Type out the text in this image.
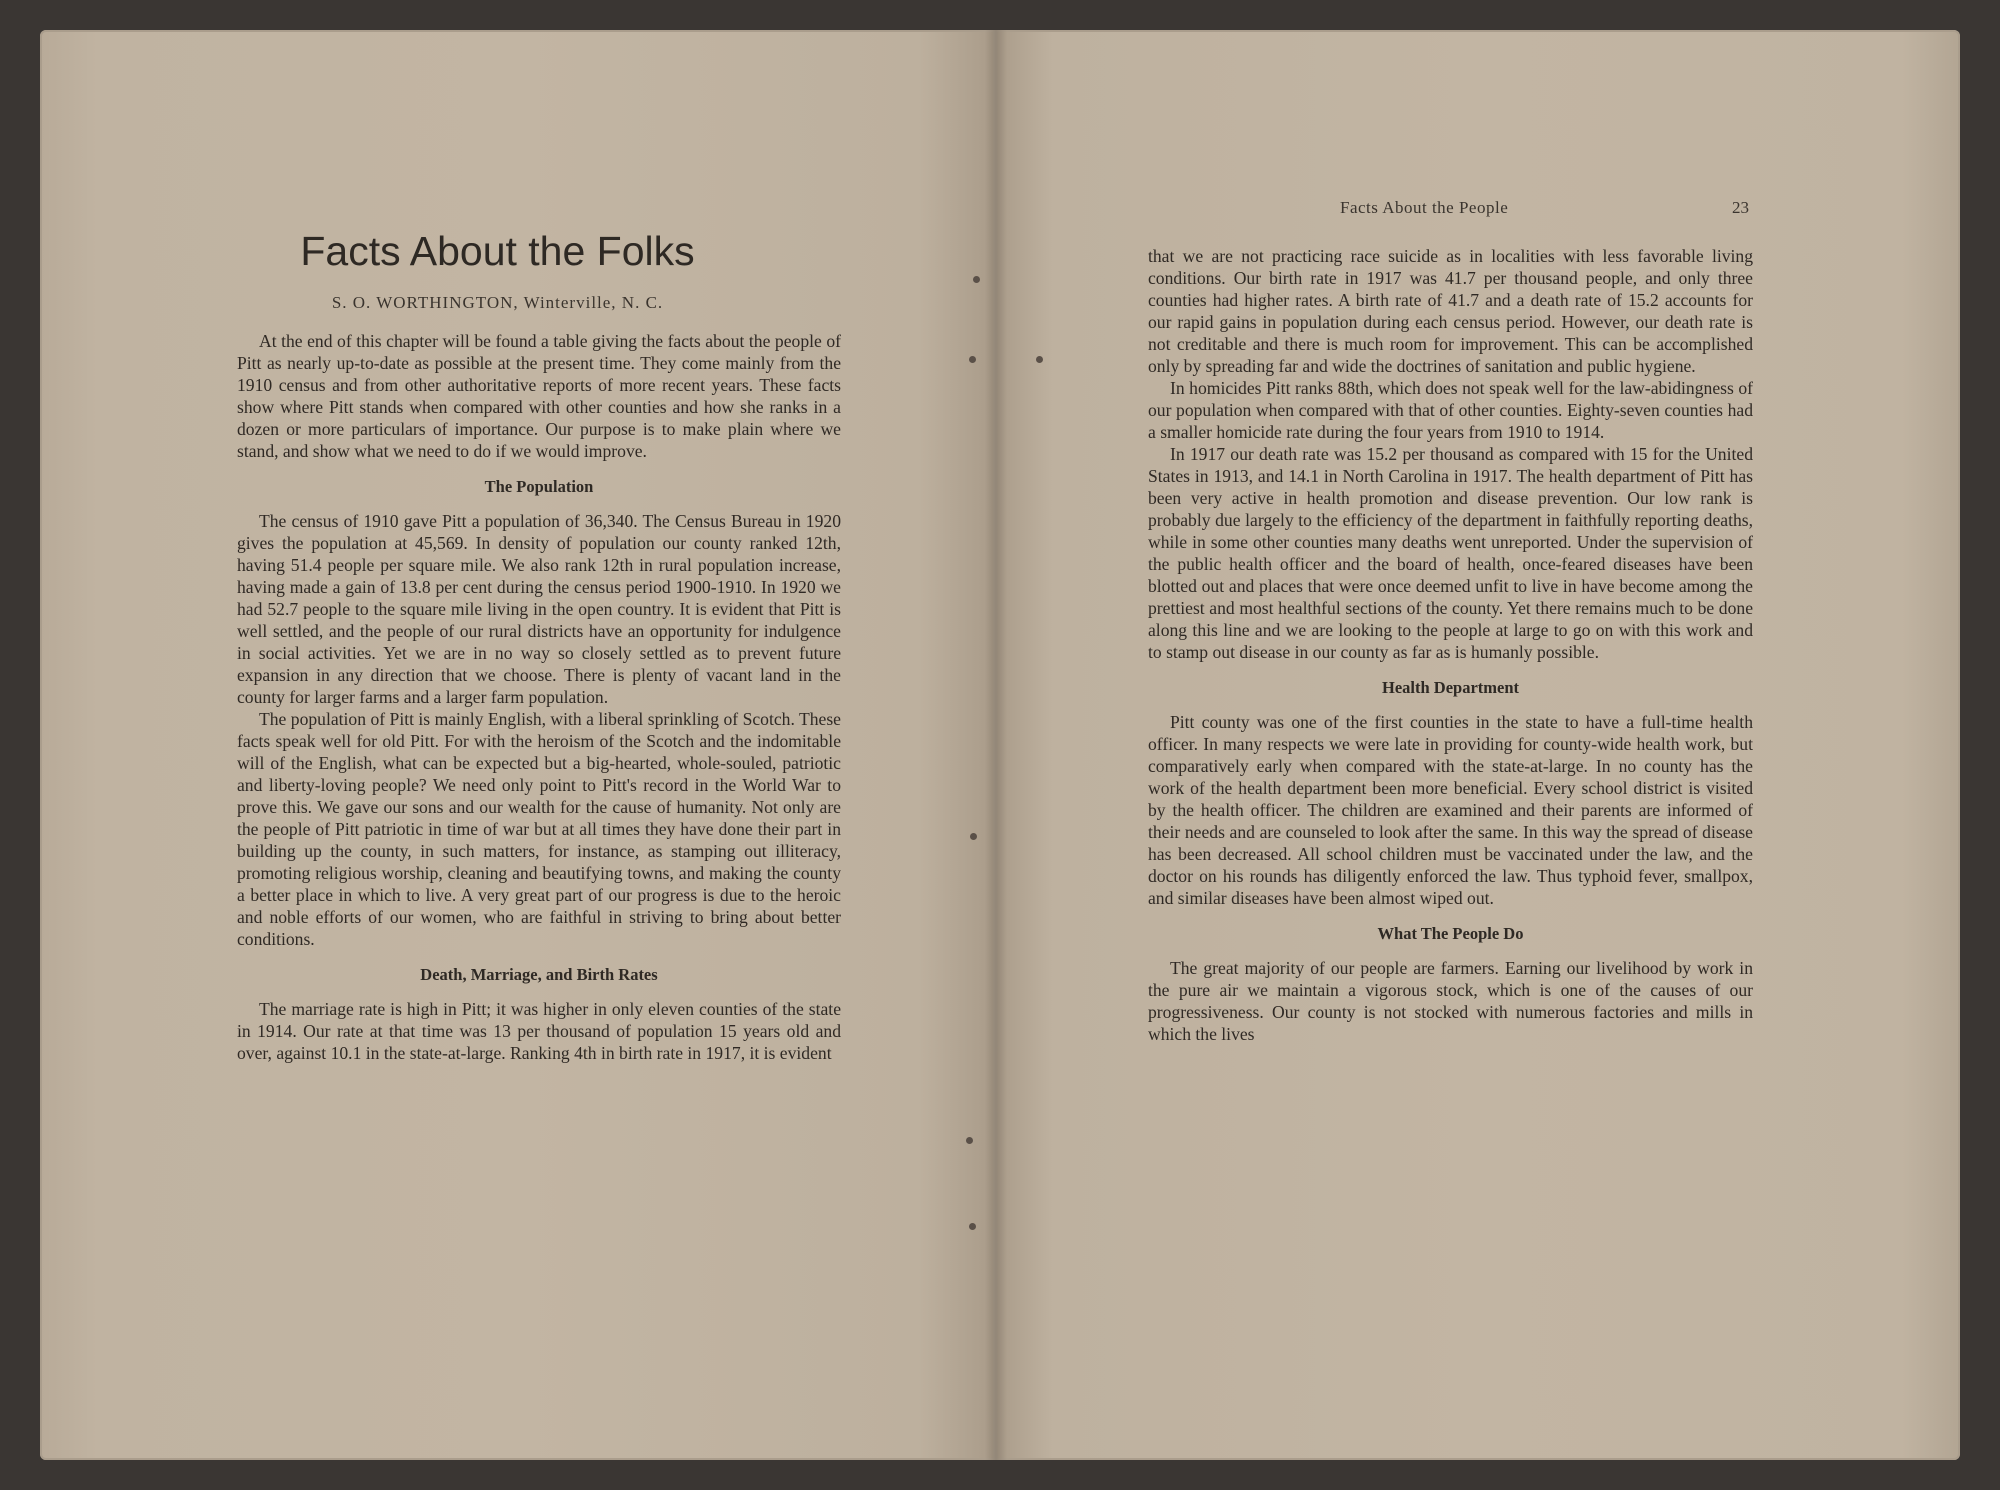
Facts About the Folks
S. O. WORTHINGTON, Winterville, N. C.

At the end of this chapter will be found a table giving the facts about the people of Pitt as nearly up-to-date as possible at the present time. They come mainly from the 1910 census and from other authoritative reports of more recent years. These facts show where Pitt stands when compared with other counties and how she ranks in a dozen or more particulars of importance. Our purpose is to make plain where we stand, and show what we need to do if we would improve.

The Population

The census of 1910 gave Pitt a population of 36,340. The Census Bureau in 1920 gives the population at 45,569. In density of population our county ranked 12th, having 51.4 people per square mile. We also rank 12th in rural population increase, having made a gain of 13.8 per cent during the census period 1900-1910. In 1920 we had 52.7 people to the square mile living in the open country. It is evident that Pitt is well settled, and the people of our rural districts have an opportunity for indulgence in social activities. Yet we are in no way so closely settled as to prevent future expansion in any direction that we choose. There is plenty of vacant land in the county for larger farms and a larger farm population.

The population of Pitt is mainly English, with a liberal sprinkling of Scotch. These facts speak well for old Pitt. For with the heroism of the Scotch and the indomitable will of the English, what can be expected but a big-hearted, whole-souled, patriotic and liberty-loving people? We need only point to Pitt's record in the World War to prove this. We gave our sons and our wealth for the cause of humanity. Not only are the people of Pitt patriotic in time of war but at all times they have done their part in building up the county, in such matters, for instance, as stamping out illiteracy, promoting religious worship, cleaning and beautifying towns, and making the county a better place in which to live. A very great part of our progress is due to the heroic and noble efforts of our women, who are faithful in striving to bring about better conditions.

Death, Marriage, and Birth Rates

The marriage rate is high in Pitt; it was higher in only eleven counties of the state in 1914. Our rate at that time was 13 per thousand of population 15 years old and over, against 10.1 in the state-at-large. Ranking 4th in birth rate in 1917, it is evident

Facts About the People	23

that we are not practicing race suicide as in localities with less favorable living conditions. Our birth rate in 1917 was 41.7 per thousand people, and only three counties had higher rates. A birth rate of 41.7 and a death rate of 15.2 accounts for our rapid gains in population during each census period. However, our death rate is not creditable and there is much room for improvement. This can be accomplished only by spreading far and wide the doctrines of sanitation and public hygiene.

In homicides Pitt ranks 88th, which does not speak well for the law-abidingness of our population when compared with that of other counties. Eighty-seven counties had a smaller homicide rate during the four years from 1910 to 1914.

In 1917 our death rate was 15.2 per thousand as compared with 15 for the United States in 1913, and 14.1 in North Carolina in 1917. The health department of Pitt has been very active in health promotion and disease prevention. Our low rank is probably due largely to the efficiency of the department in faithfully reporting deaths, while in some other counties many deaths went unreported. Under the supervision of the public health officer and the board of health, once-feared diseases have been blotted out and places that were once deemed unfit to live in have become among the prettiest and most healthful sections of the county. Yet there remains much to be done along this line and we are looking to the people at large to go on with this work and to stamp out disease in our county as far as is humanly possible.

Health Department

Pitt county was one of the first counties in the state to have a full-time health officer. In many respects we were late in providing for county-wide health work, but comparatively early when compared with the state-at-large. In no county has the work of the health department been more beneficial. Every school district is visited by the health officer. The children are examined and their parents are informed of their needs and are counseled to look after the same. In this way the spread of disease has been decreased. All school children must be vaccinated under the law, and the doctor on his rounds has diligently enforced the law. Thus typhoid fever, smallpox, and similar diseases have been almost wiped out.

What The People Do

The great majority of our people are farmers. Earning our livelihood by work in the pure air we maintain a vigorous stock, which is one of the causes of our progressiveness. Our county is not stocked with numerous factories and mills in which the lives
